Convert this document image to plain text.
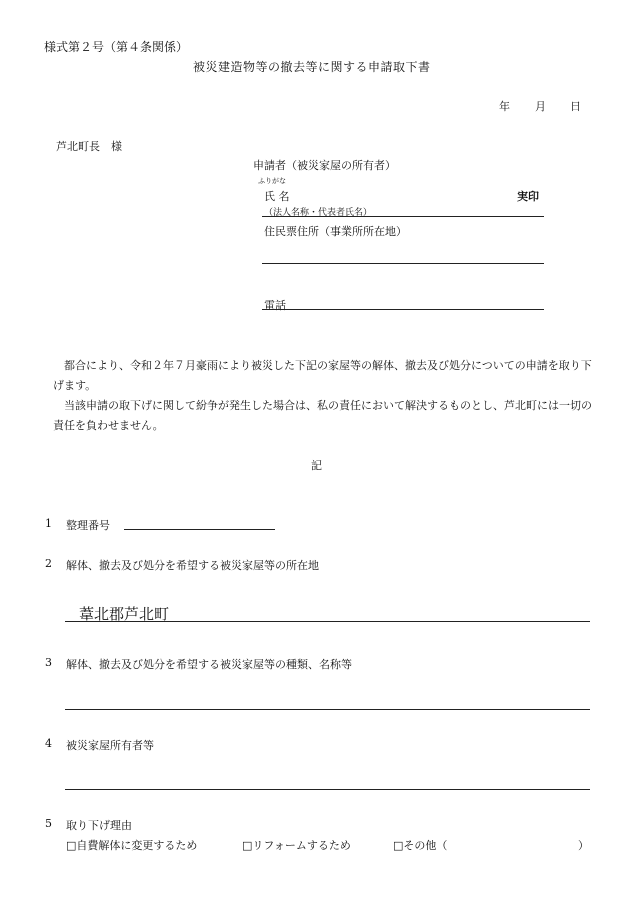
様式第２号（第４条関係）
被災建造物等の撤去等に関する申請取下書
年 月 日
芦北町長　様
申請者（被災家屋の所有者）
ふりがな
氏 名	実印
（法人名称・代表者氏名）
住民票住所（事業所所在地）
電話
　都合により、令和２年７月豪雨により被災した下記の家屋等の解体、撤去及び処分についての申請を取り下げます。
　当該申請の取下げに関して紛争が発生した場合は、私の責任において解決するものとし、芦北町には一切の責任を負わせません。
記
1 整理番号
2 解体、撤去及び処分を希望する被災家屋等の所在地
葦北郡芦北町
3 解体、撤去及び処分を希望する被災家屋等の種類、名称等
4 被災家屋所有者等
5 取り下げ理由
□自費解体に変更するため	□リフォームするため	□その他（	）
